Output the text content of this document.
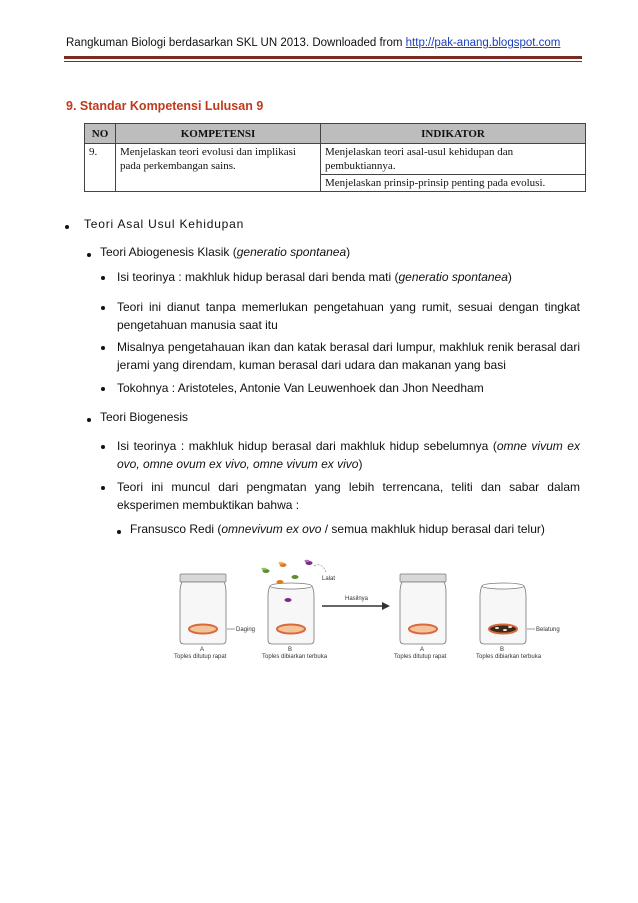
Rangkuman Biologi berdasarkan SKL UN 2013. Downloaded from http://pak-anang.blogspot.com
9. Standar Kompetensi Lulusan 9
NO	KOMPETENSI	INDIKATOR
9.	Menjelaskan teori evolusi dan implikasi pada perkembangan sains.	Menjelaskan teori asal-usul kehidupan dan pembuktiannya.
		Menjelaskan prinsip-prinsip penting pada evolusi.
Teori Asal Usul Kehidupan
Teori Abiogenesis Klasik (generatio spontanea)
Isi teorinya : makhluk hidup berasal dari benda mati (generatio spontanea)
Teori ini dianut tanpa memerlukan pengetahuan yang rumit, sesuai dengan tingkat pengetahuan manusia saat itu
Misalnya pengetahauan ikan dan katak berasal dari lumpur, makhluk renik berasal dari jerami yang direndam, kuman berasal dari udara dan makanan yang basi
Tokohnya : Aristoteles, Antonie Van Leuwenhoek dan Jhon Needham
Teori Biogenesis
Isi teorinya : makhluk hidup berasal dari makhluk hidup sebelumnya (omne vivum ex ovo, omne ovum ex vivo, omne vivum ex vivo)
Teori ini muncul dari pengmatan yang lebih terrencana, teliti dan sabar dalam eksperimen membuktikan bahwa :
Fransusco Redi (omnevivum ex ovo / semua makhluk hidup berasal dari telur)
A
Toples ditutup rapat
Daging
B
Toples dibiarkan terbuka
Lalat
Hasilnya
A
Toples ditutup rapat
Belatung
B
Toples dibiarkan terbuka
